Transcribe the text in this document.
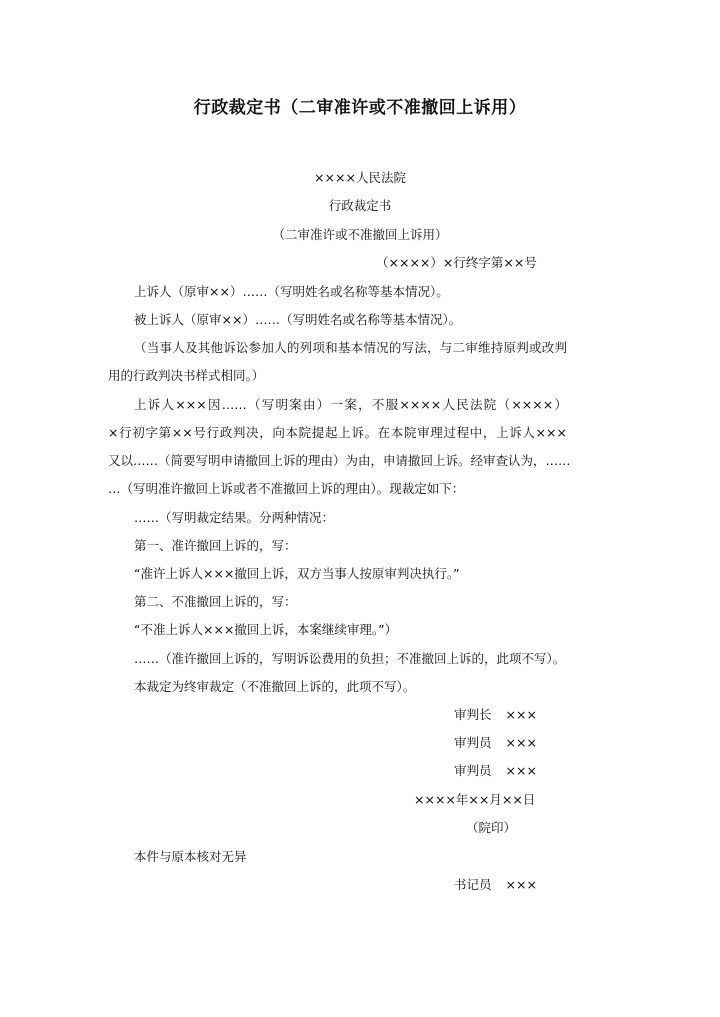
行政裁定书（二审准许或不准撤回上诉用）
××××人民法院
行政裁定书
（二审准许或不准撤回上诉用）
（××××）×行终字第××号
上诉人（原审××）……（写明姓名或名称等基本情况）。
被上诉人（原审××）……（写明姓名或名称等基本情况）。
（当事人及其他诉讼参加人的列项和基本情况的写法，与二审维持原判或改判
用的行政判决书样式相同。）
上诉人×××因……（写明案由）一案，不服××××人民法院（××××）
×行初字第××号行政判决，向本院提起上诉。在本院审理过程中，上诉人×××
又以……（简要写明申请撤回上诉的理由）为由，申请撤回上诉。经审查认为，……
…（写明准许撤回上诉或者不准撤回上诉的理由）。现裁定如下：
……（写明裁定结果。分两种情况：
第一、准许撤回上诉的，写：
“准许上诉人×××撤回上诉，双方当事人按原审判决执行。”
第二、不准撤回上诉的，写：
“不准上诉人×××撤回上诉，本案继续审理。”）
……（准许撤回上诉的，写明诉讼费用的负担；不准撤回上诉的，此项不写）。
本裁定为终审裁定（不准撤回上诉的，此项不写）。
审判长 ×××
审判员 ×××
审判员 ×××
××××年××月××日
（院印）
本件与原本核对无异
书记员 ×××
